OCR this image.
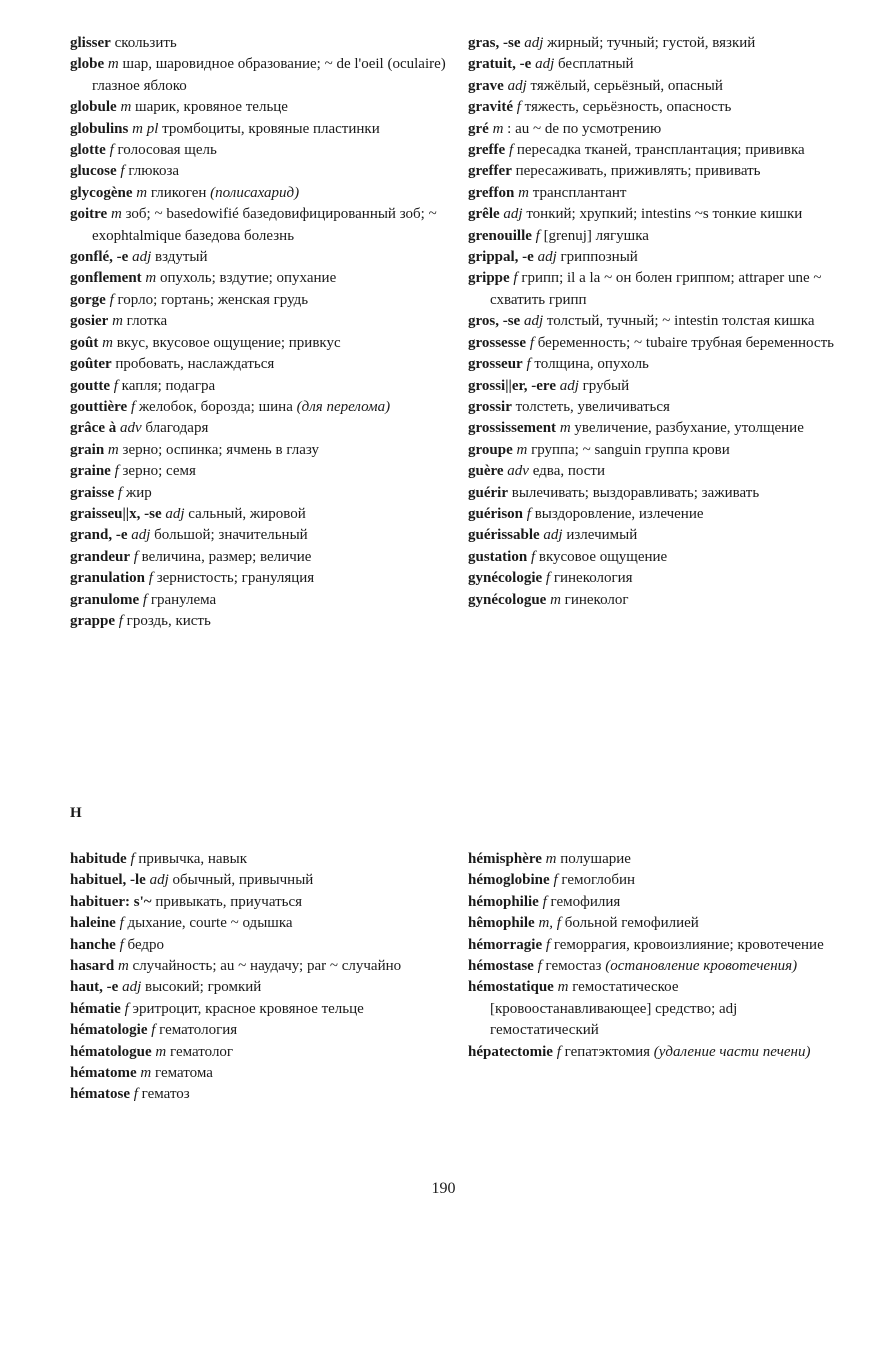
glisser скользить
globe m шар, шаровидное образование; ~ de l'oeil (oculaire) глазное яблоко
globule m шарик, кровяное тельце
globulins m pl тромбоциты, кровяные пластинки
glotte f голосовая щель
glucose f глюкоза
glycogène m гликоген (полисахарид)
goitre m зоб; ~ basedowifié базедовифицированный зоб; ~ exophtalmique базедова болезнь
gonflé, -e adj вздутый
gonflement m опухоль; вздутие; опухание
gorge f горло; гортань; женская грудь
gosier m глотка
goût m вкус, вкусовое ощущение; привкус
goûter пробовать, наслаждаться
goutte f капля; подагра
gouttière f желобок, борозда; шина (для перелома)
grâce à adv благодаря
grain m зерно; оспинка; ячмень в глазу
graine f зерно; семя
graisse f жир
graisseu||x, -se adj сальный, жировой
grand, -e adj большой; значительный
grandeur f величина, размер; величие
granulation f зернистость; грануляция
granulome f гранулема
grappe f гроздь, кисть
gras, -se adj жирный; тучный; густой, вязкий
gratuit, -e adj бесплатный
grave adj тяжёлый, серьёзный, опасный
gravité f тяжесть, серьёзность, опасность
gré m : au ~ de по усмотрению
greffe f пересадка тканей, трансплантация; прививка
greffer пересаживать, приживлять; прививать
greffon m трансплантант
grêle adj тонкий; хрупкий; intestins ~s тонкие кишки
grenouille f [grenuj] лягушка
grippal, -e adj гриппозный
grippe f грипп; il a la ~ он болен гриппом; attraper une ~ схватить грипп
gros, -se adj толстый, тучный; ~ intestin толстая кишка
grossesse f беременность; ~ tubaire трубная беременность
grosseur f толщина, опухоль
grossi||er, -ere adj грубый
grossir толстеть, увеличиваться
grossissement m увеличение, разбухание, утолщение
groupe m группа; ~ sanguin группа крови
guère adv едва, пости
guérir вылечивать; выздоравливать; заживать
guérison f выздоровление, излечение
guérissable adj излечимый
gustation f вкусовое ощущение
gynécologie f гинекология
gynécologue m гинеколог
H
habitude f привычка, навык
habituel, -le adj обычный, привычный
habituer: s'~ привыкать, приучаться
haleine f дыхание, courte ~ одышка
hanche f бедро
hasard m случайность; au ~ наудачу; par ~ случайно
haut, -e adj высокий; громкий
hématie f эритроцит, красное кровяное тельце
hématologie f гематология
hématologue m гематолог
hématome m гематома
hématose f гематоз
hémisphère m полушарие
hémoglobine f гемоглобин
hémophilie f гемофилия
hêmophile m, f больной гемофилией
hémorragie f геморрагия, кровоизлияние; кровотечение
hémostase f гемостаз (остановление кровотечения)
hémostatique m гемостатическое [кровоостанавливающее] средство; adj гемостатический
hépatectomie f гепатэктомия (удаление части печени)
190
